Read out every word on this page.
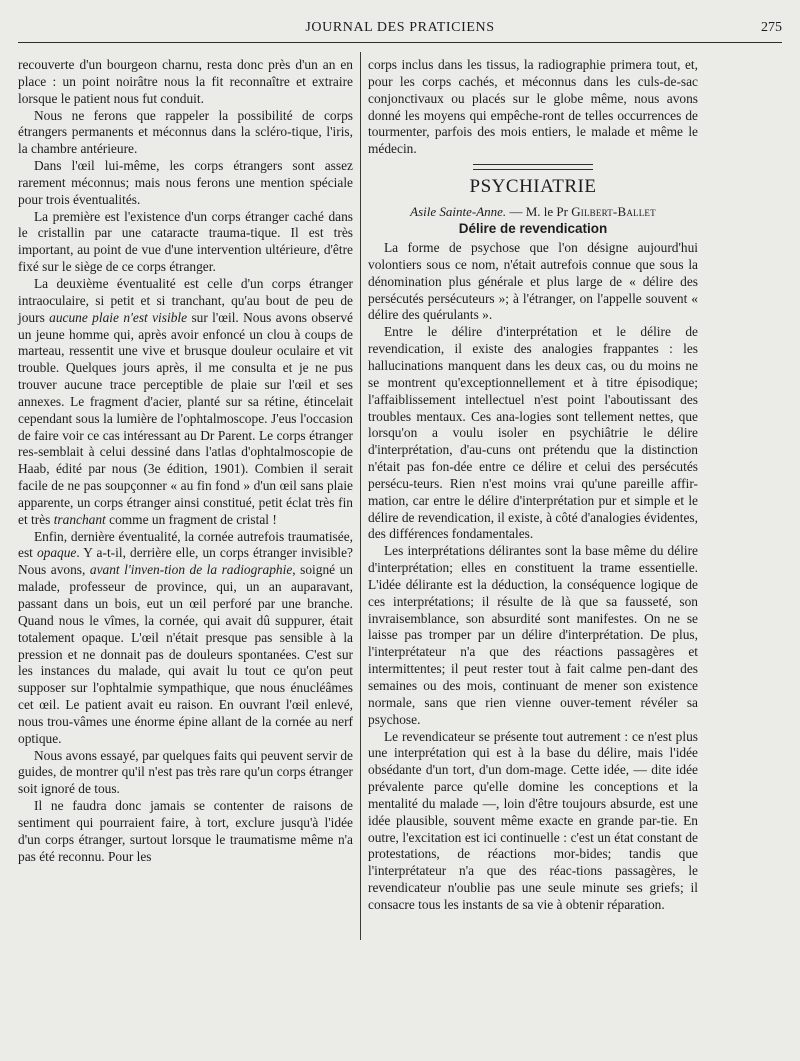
JOURNAL DES PRATICIENS	275

recouverte d'un bourgeon charnu, resta donc près d'un an en place : un point noirâtre nous la fit reconnaître et extraire lorsque le patient nous fut conduit.

Nous ne ferons que rappeler la possibilité de corps étrangers permanents et méconnus dans la scléro-tique, l'iris, la chambre antérieure.

Dans l'œil lui-même, les corps étrangers sont assez rarement méconnus; mais nous ferons une mention spéciale pour trois éventualités.

La première est l'existence d'un corps étranger caché dans le cristallin par une cataracte trauma-tique. Il est très important, au point de vue d'une intervention ultérieure, d'être fixé sur le siège de ce corps étranger.

La deuxième éventualité est celle d'un corps étranger intraoculaire, si petit et si tranchant, qu'au bout de peu de jours aucune plaie n'est visible sur l'œil. Nous avons observé un jeune homme qui, après avoir enfoncé un clou à coups de marteau, ressentit une vive et brusque douleur oculaire et vit trouble. Quelques jours après, il me consulta et je ne pus trouver aucune trace perceptible de plaie sur l'œil et ses annexes. Le fragment d'acier, planté sur sa rétine, étincelait cependant sous la lumière de l'ophtalmoscope. J'eus l'occasion de faire voir ce cas intéressant au Dr Parent. Le corps étranger res-semblait à celui dessiné dans l'atlas d'ophtalmoscopie de Haab, édité par nous (3e édition, 1901). Combien il serait facile de ne pas soupçonner « au fin fond » d'un œil sans plaie apparente, un corps étranger ainsi constitué, petit éclat très fin et très tranchant comme un fragment de cristal !

Enfin, dernière éventualité, la cornée autrefois traumatisée, est opaque. Y a-t-il, derrière elle, un corps étranger invisible? Nous avons, avant l'inven-tion de la radiographie, soigné un malade, professeur de province, qui, un an auparavant, passant dans un bois, eut un œil perforé par une branche. Quand nous le vîmes, la cornée, qui avait dû suppurer, était totalement opaque. L'œil n'était presque pas sensible à la pression et ne donnait pas de douleurs spontanées. C'est sur les instances du malade, qui avait lu tout ce qu'on peut supposer sur l'ophtalmie sympathique, que nous énucléâmes cet œil. Le patient avait eu raison. En ouvrant l'œil enlevé, nous trou-vâmes une énorme épine allant de la cornée au nerf optique.

Nous avons essayé, par quelques faits qui peuvent servir de guides, de montrer qu'il n'est pas très rare qu'un corps étranger soit ignoré de tous.

Il ne faudra donc jamais se contenter de raisons de sentiment qui pourraient faire, à tort, exclure jusqu'à l'idée d'un corps étranger, surtout lorsque le traumatisme même n'a pas été reconnu. Pour les

corps inclus dans les tissus, la radiographie primera tout, et, pour les corps cachés, et méconnus dans les culs-de-sac conjonctivaux ou placés sur le globe même, nous avons donné les moyens qui empêche-ront de telles occurrences de tourmenter, parfois des mois entiers, le malade et même le médecin.

PSYCHIATRIE
Asile Sainte-Anne. — M. le Pr Gilbert-Ballet
Délire de revendication

La forme de psychose que l'on désigne aujourd'hui volontiers sous ce nom, n'était autrefois connue que sous la dénomination plus générale et plus large de « délire des persécutés persécuteurs »; à l'étranger, on l'appelle souvent « délire des quérulants ».

Entre le délire d'interprétation et le délire de revendication, il existe des analogies frappantes : les hallucinations manquent dans les deux cas, ou du moins ne se montrent qu'exceptionnellement et à titre épisodique; l'affaiblissement intellectuel n'est point l'aboutissant des troubles mentaux. Ces ana-logies sont tellement nettes, que lorsqu'on a voulu isoler en psychiâtrie le délire d'interprétation, d'au-cuns ont prétendu que la distinction n'était pas fon-dée entre ce délire et celui des persécutés persécu-teurs. Rien n'est moins vrai qu'une pareille affir-mation, car entre le délire d'interprétation pur et simple et le délire de revendication, il existe, à côté d'analogies évidentes, des différences fondamentales.

Les interprétations délirantes sont la base même du délire d'interprétation; elles en constituent la trame essentielle. L'idée délirante est la déduction, la conséquence logique de ces interprétations; il résulte de là que sa fausseté, son invraisemblance, son absurdité sont manifestes. On ne se laisse pas tromper par un délire d'interprétation. De plus, l'interprétateur n'a que des réactions passagères et intermittentes; il peut rester tout à fait calme pen-dant des semaines ou des mois, continuant de mener son existence normale, sans que rien vienne ouver-tement révéler sa psychose.

Le revendicateur se présente tout autrement : ce n'est plus une interprétation qui est à la base du délire, mais l'idée obsédante d'un tort, d'un dom-mage. Cette idée, — dite idée prévalente parce qu'elle domine les conceptions et la mentalité du malade —, loin d'être toujours absurde, est une idée plausible, souvent même exacte en grande par-tie. En outre, l'excitation est ici continuelle : c'est un état constant de protestations, de réactions mor-bides; tandis que l'interprétateur n'a que des réac-tions passagères, le revendicateur n'oublie pas une seule minute ses griefs; il consacre tous les instants de sa vie à obtenir réparation.
